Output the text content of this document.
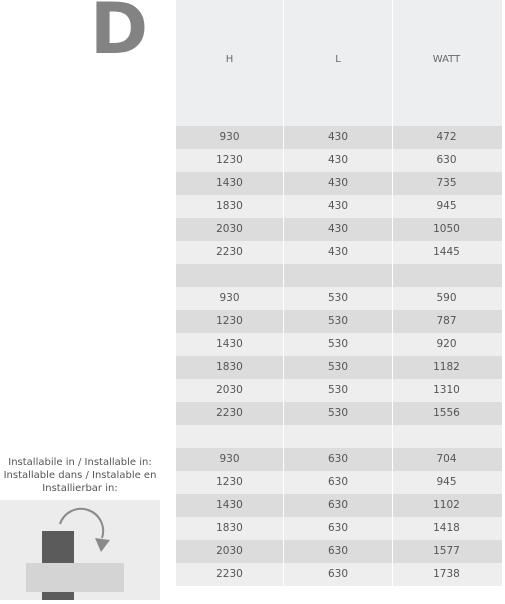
D	H	L	WATT
930	430	472
1230	430	630
1430	430	735
1830	430	945
2030	430	1050
2230	430	1445
930	530	590
1230	530	787
1430	530	920
1830	530	1182
2030	530	1310
2230	530	1556
930	630	704
1230	630	945
1430	630	1102
1830	630	1418
2030	630	1577
2230	630	1738
Installabile in / Installable in:
Installable dans / Instalable en
Installierbar in:
